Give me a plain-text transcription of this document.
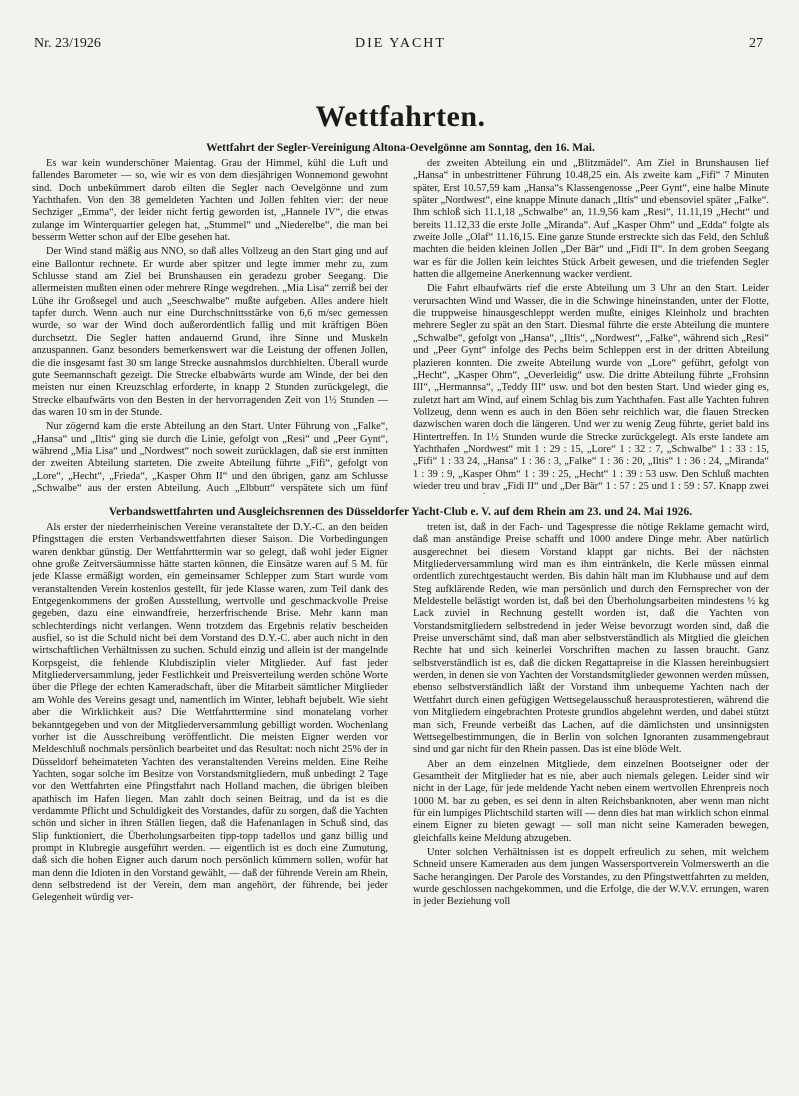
Nr. 23/1926	DIE YACHT	27
Wettfahrten.
Wettfahrt der Segler-Vereinigung Altona-Oevelgönne am Sonntag, den 16. Mai.

Es war kein wunderschöner Maientag. Grau der Himmel, kühl die Luft und fallendes Barometer — so, wie wir es von dem diesjährigen Wonnemond gewohnt sind. Doch unbekümmert darob eilten die Segler nach Oevelgönne und zum Yachthafen. Von den 38 gemeldeten Yachten und Jollen fehlten vier: der neue Sechziger „Emma“, der leider nicht fertig geworden ist, „Hannele IV“, die etwas zulange im Winterquartier gelegen hat, „Stummel“ und „Niederelbe“, die man bei besserm Wetter schon auf der Elbe gesehen hat.

Der Wind stand mäßig aus NNO, so daß alles Vollzeug an den Start ging und auf eine Ballontur rechnete. Er wurde aber spitzer und legte immer mehr zu, zum Schlusse stand am Ziel bei Brunshausen ein geradezu grober Seegang. Die allermeisten mußten einen oder mehrere Ringe wegdrehen. „Mia Lisa“ zerriß bei der Lühe ihr Großsegel und auch „Seeschwalbe“ mußte aufgeben. Alles andere hielt tapfer durch. Wenn auch nur eine Durchschnittsstärke von 6,6 m/sec gemessen wurde, so war der Wind doch außerordentlich fallig und mit kräftigen Böen durchsetzt. Die Segler hatten andauernd Grund, ihre Sinne und Muskeln anzuspannen. Ganz besonders bemerkenswert war die Leistung der offenen Jollen, die die insgesamt fast 30 sm lange Strecke ausnahmslos durchhielten. Überall wurde gute Seemannschaft gezeigt. Die Strecke elbabwärts wurde am Winde, der bei den meisten nur einen Kreuzschlag erforderte, in knapp 2 Stunden zurückgelegt, die Strecke elbaufwärts von den Besten in der hervorragenden Zeit von 1½ Stunden — das waren 10 sm in der Stunde.

Nur zögernd kam die erste Abteilung an den Start. Unter Führung von „Falke“, „Hansa“ und „Iltis“ ging sie durch die Linie, gefolgt von „Resi“ und „Peer Gynt“, während „Mia Lisa“ und „Nordwest“ noch soweit zurücklagen, daß sie erst inmitten der zweiten Abteilung starteten. Die zweite Abteilung führte „Fifi“, gefolgt von „Lore“, „Hecht“, „Frieda“, „Kasper Ohm II“ und den übrigen, ganz am Schlusse „Schwalbe“ aus der ersten Abteilung. Auch „Elbbutt“ verspätete sich um fünf

der zweiten Abteilung ein und „Blitzmädel“. Am Ziel in Brunshausen lief „Hansa“ in unbestrittener Führung 10.48,25 ein. Als zweite kam „Fifi“ 7 Minuten später, Erst 10.57,59 kam „Hansa“s Klassengenosse „Peer Gynt“, eine halbe Minute später „Nordwest“, eine knappe Minute danach „Iltis“ und ebensoviel später „Falke“. Ihm schloß sich 11.1,18 „Schwalbe“ an, 11.9,56 kam „Resi“, 11.11,19 „Hecht“ und bereits 11.12,33 die erste Jolle „Miranda“. Auf „Kasper Ohm“ und „Edda“ folgte als zweite Jolle „Olaf“ 11.16,15. Eine ganze Stunde erstreckte sich das Feld, den Schluß machten die beiden kleinen Jollen „Der Bär“ und „Fidi II“. In dem groben Seegang war es für die Jollen kein leichtes Stück Arbeit gewesen, und die triefenden Segler hatten die allgemeine Anerkennung wacker verdient.

Die Fahrt elbaufwärts rief die erste Abteilung um 3 Uhr an den Start. Leider verursachten Wind und Wasser, die in die Schwinge hineinstanden, unter der Flotte, die truppweise hinausgeschleppt werden mußte, einiges Kleinholz und brachten mehrere Segler zu spät an den Start. Diesmal führte die erste Abteilung die muntere „Schwalbe“, gefolgt von „Hansa“, „Iltis“, „Nordwest“, „Falke“, während sich „Resi“ und „Peer Gynt“ infolge des Pechs beim Schleppen erst in der dritten Abteilung plazieren konnten. Die zweite Abteilung wurde von „Lore“ geführt, gefolgt von „Hecht“, „Kasper Ohm“, „Oeverleidig“ usw. Die dritte Abteilung führte „Frohsinn III“, „Hermannsa“, „Teddy III“ usw. und bot den besten Start. Und wieder ging es, zuletzt hart am Wind, auf einem Schlag bis zum Yachthafen. Fast alle Yachten fuhren Vollzeug, denn wenn es auch in den Böen sehr reichlich war, die flauen Strecken dazwischen waren doch die längeren. Und wer zu wenig Zeug führte, geriet bald ins Hintertreffen. In 1½ Stunden wurde die Strecke zurückgelegt. Als erste landete am Yachthafen „Nordwest“ mit 1 : 29 : 15, „Lore“ 1 : 32 : 7, „Schwalbe“ 1 : 33 : 15, „Fifi“ 1 : 33 24, „Hansa“ 1 : 36 : 3, „Falke“ 1 : 36 : 20, „Iltis“ 1 : 36 : 24, „Miranda“ 1 : 39 : 9, „Kasper Ohm“ 1 : 39 : 25, „Hecht“ 1 : 39 : 53 usw. Den Schluß machten wieder treu und brav „Fidi II“ und „Der Bär“ 1 : 57 : 25 und 1 : 59 : 57. Knapp zwei

Verbandswettfahrten und Ausgleichsrennen des Düsseldorfer Yacht-Club e. V. auf dem Rhein am 23. und 24. Mai 1926.

Als erster der niederrheinischen Vereine veranstaltete der D.Y.-C. an den beiden Pfingsttagen die ersten Verbandswettfahrten dieser Saison. Die Vorbedingungen waren denkbar günstig. Der Wettfahrttermin war so gelegt, daß wohl jeder Eigner ohne große Zeitversäumnisse hätte starten können, die Einsätze waren auf 5 M. für jede Klasse ermäßigt worden, ein gemeinsamer Schlepper zum Start wurde vom veranstaltenden Verein kostenlos gestellt, für jede Klasse waren, zum Teil dank des Entgegenkommens der großen Ausstellung, wertvolle und geschmackvolle Preise gegeben, dazu eine einwandfreie, herzerfrischende Brise. Mehr kann man schlechterdings nicht verlangen. Wenn trotzdem das Ergebnis relativ bescheiden ausfiel, so ist die Schuld nicht bei dem Vorstand des D.Y.-C. aber auch nicht in den wirtschaftlichen Verhältnissen zu suchen. Schuld einzig und allein ist der mangelnde Korpsgeist, die fehlende Klubdisziplin vieler Mitglieder. Auf fast jeder Mitgliederversammlung, jeder Festlichkeit und Preisverteilung werden schöne Worte über die Pflege der echten Kameradschaft, über die Mitarbeit sämtlicher Mitglieder am Wohle des Vereins gesagt und, namentlich im Winter, lebhaft bejubelt. Wie sieht aber die Wirklichkeit aus? Die Wettfahrttermine sind monatelang vorher bekanntgegeben und von der Mitgliederversammlung gebilligt worden. Wochenlang vorher ist die Ausschreibung veröffentlicht. Die meisten Eigner werden vor Meldeschluß nochmals persönlich bearbeitet und das Resultat: noch nicht 25% der in Düsseldorf beheimateten Yachten des veranstaltenden Vereins melden. Eine Reihe Yachten, sogar solche im Besitze von Vorstandsmitgliedern, muß unbedingt 2 Tage vor den Wettfahrten eine Pfingstfahrt nach Holland machen, die übrigen bleiben apathisch im Hafen liegen. Man zahlt doch seinen Beitrag, und da ist es die verdammte Pflicht und Schuldigkeit des Vorstandes, dafür zu sorgen, daß die Yachten schön und sicher in ihren Ställen liegen, daß die Hafenanlagen in Schuß sind, das Slip funktioniert, die Überholungsarbeiten tipp-topp tadellos und ganz billig und prompt in Klubregie ausgeführt werden. — eigentlich ist es doch eine Zumutung, daß sich die hohen Eigner auch darum noch persönlich kümmern sollen, wofür hat man denn die Idioten in den Vorstand gewählt, — daß der führende Verein am Rhein, denn selbstredend ist der Verein, dem man angehört, der führende, bei jeder Gelegenheit würdig ver-

treten ist, daß in der Fach- und Tagespresse die nötige Reklame gemacht wird, daß man anständige Preise schafft und 1000 andere Dinge mehr. Aber natürlich ausgerechnet bei diesem Vorstand klappt gar nichts. Bei der nächsten Mitgliederversammlung wird man es ihm eintränkeln, die Kerle müssen einmal ordentlich zurechtgestaucht werden. Bis dahin hält man im Klubhause und auf dem Steg aufklärende Reden, wie man persönlich und durch den Fernsprecher von der Meldestelle belästigt worden ist, daß bei den Überholungsarbeiten mindestens ½ kg Lack zuviel in Rechnung gestellt worden ist, daß die Yachten von Vorstandsmitgliedern selbstredend in jeder Weise bevorzugt worden sind, daß die Preise unverschämt sind, daß man aber selbstverständlich als Mitglied die gleichen Rechte hat und sich keinerlei Vorschriften machen zu lassen braucht. Ganz selbstverständlich ist es, daß die dicken Regattapreise in die Klassen hereinbugsiert werden, in denen sie von Yachten der Vorstandsmitglieder gewonnen werden müssen, ebenso selbstverständlich läßt der Vorstand ihm unbequeme Yachten nach der Wettfahrt durch einen gefügigen Wettsegelausschuß herausprotestieren, während die von Mitgliedern eingebrachten Proteste grundlos abgelehnt werden, und dabei stützt man sich, Freunde verbeißt das Lachen, auf die dämlichsten und unsinnigsten Wettsegelbestimmungen, die in Berlin von solchen Ignoranten zusammengebraut sind und gar nicht für den Rhein passen. Das ist eine blöde Welt.

Aber an dem einzelnen Mitgliede, dem einzelnen Bootseigner oder der Gesamtheit der Mitglieder hat es nie, aber auch niemals gelegen. Leider sind wir nicht in der Lage, für jede meldende Yacht neben einem wertvollen Ehrenpreis noch 1000 M. bar zu geben, es sei denn in alten Reichsbanknoten, aber wenn man nicht für ein lumpiges Plichtschild starten will — denn dies hat man wirklich schon einmal einem Eigner zu bieten gewagt — soll man nicht seine Kameraden bewegen, gleichfalls keine Meldung abzugeben.

Unter solchen Verhältnissen ist es doppelt erfreulich zu sehen, mit welchem Schneid unsere Kameraden aus dem jungen Wassersportverein Volmerswerth an die Sache herangingen. Der Parole des Vorstandes, zu den Pfingstwettfahrten zu melden, wurde geschlossen nachgekommen, und die Erfolge, die der W.V.V. errungen, waren in jeder Beziehung voll
